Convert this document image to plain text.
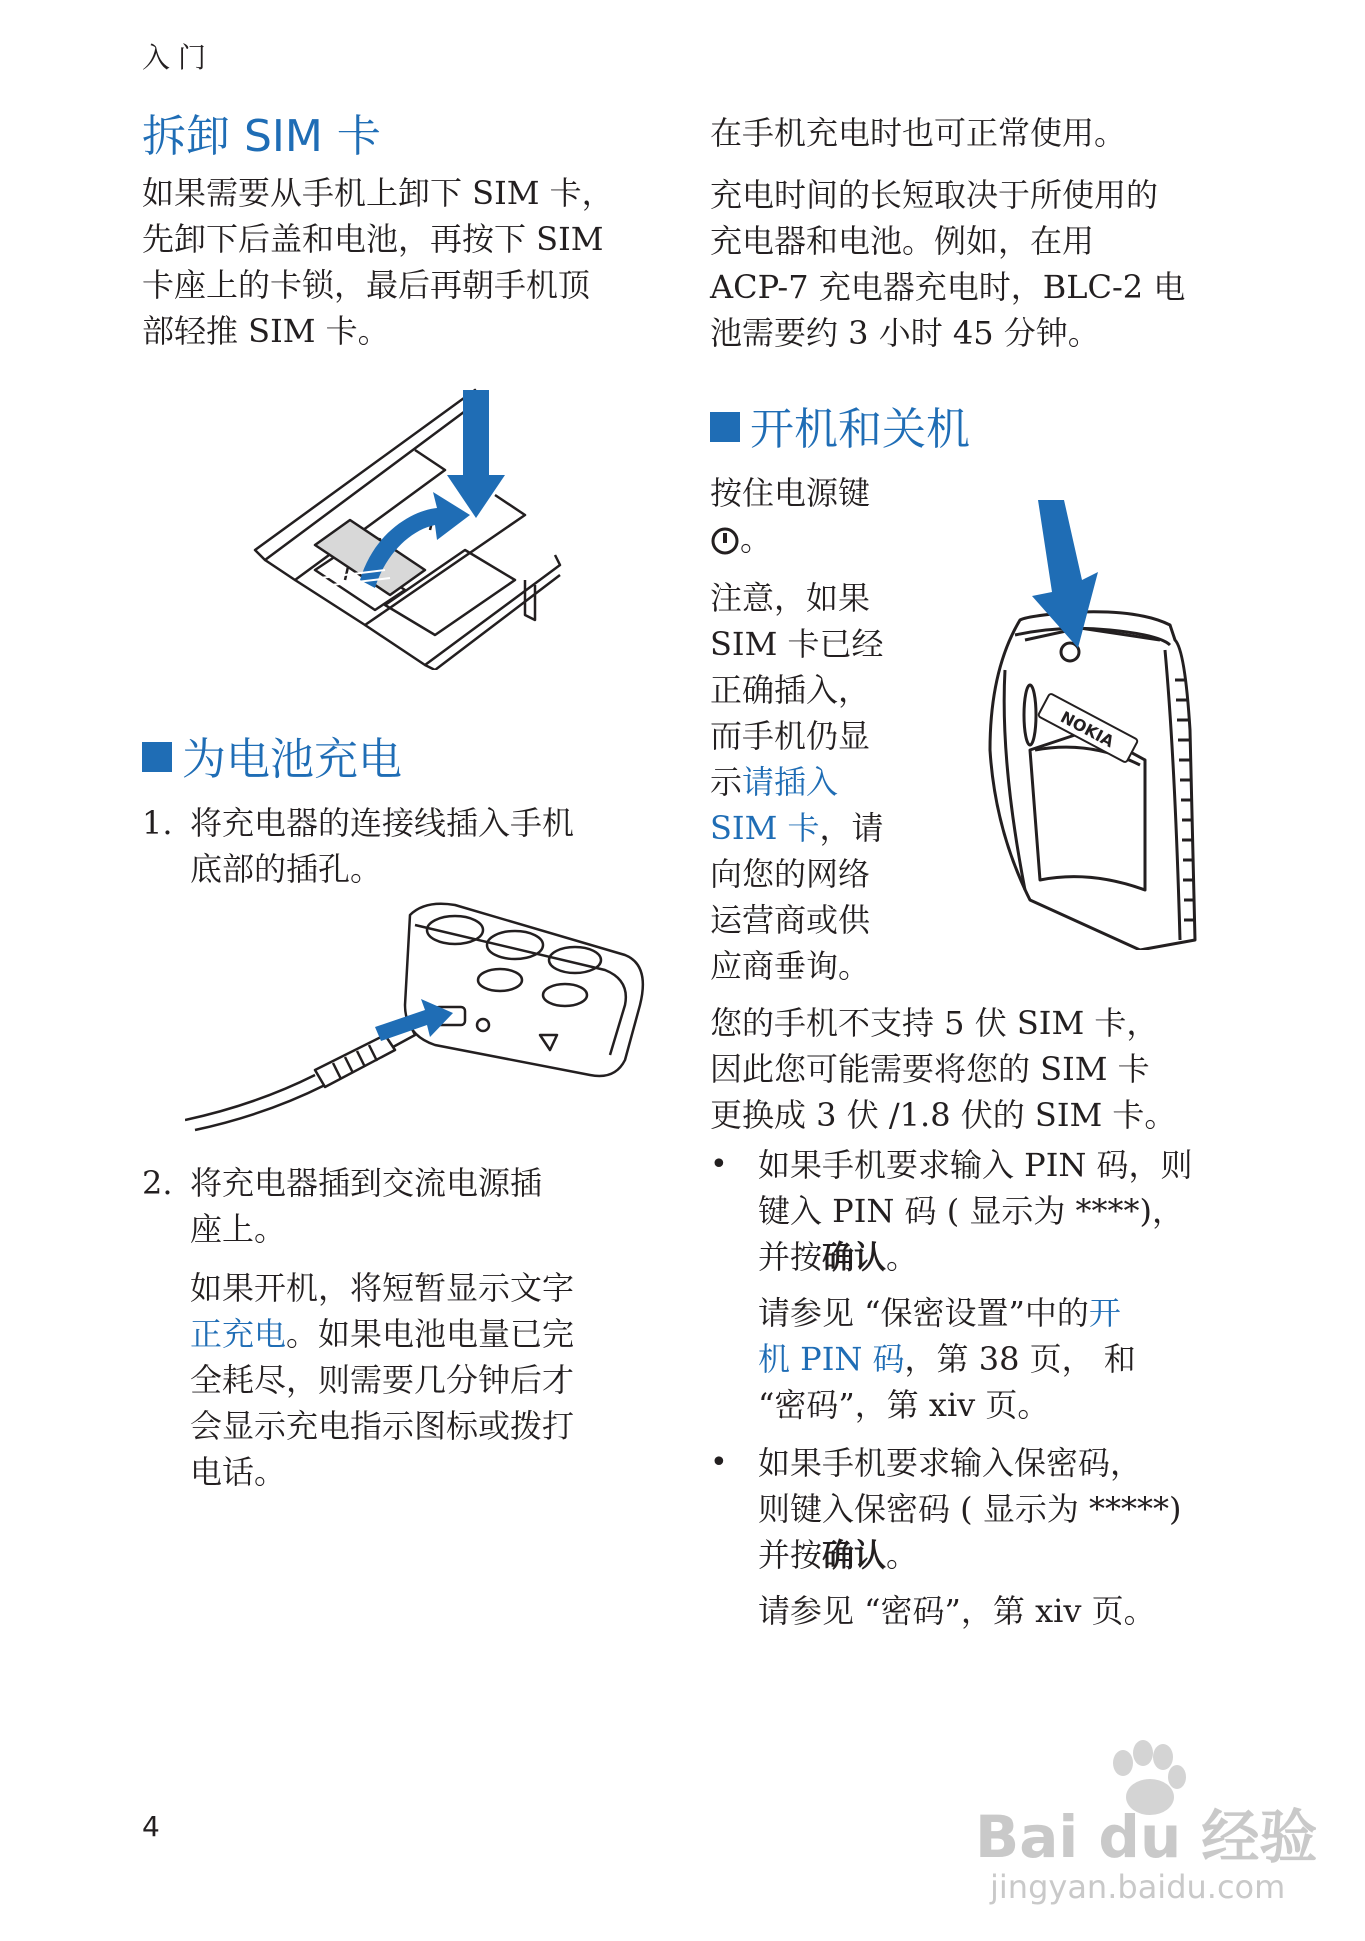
入门
拆卸 SIM 卡

如果需要从手机上卸下 SIM 卡，

先卸下后盖和电池，再按下 SIM

卡座上的卡锁，最后再朝手机顶

部轻推 SIM 卡。

为电池充电
1. 将充电器的连接线插入手机

底部的插孔。

2. 将充电器插到交流电源插

座上。

如果开机，将短暂显示文字

正充电。如果电池电量已完

全耗尽，则需要几分钟后才

会显示充电指示图标或拨打

电话。

在手机充电时也可正常使用。

充电时间的长短取决于所使用的

充电器和电池。例如，在用

ACP-7 充电器充电时，BLC-2 电

池需要约 3 小时 45 分钟。

开机和关机

按住电源键

。

注意，如果

SIM 卡已经

正确插入，

而手机仍显

示请插入

SIM 卡，请

向您的网络

运营商或供

应商垂询。

NOKIA

您的手机不支持 5 伏 SIM 卡，

因此您可能需要将您的 SIM 卡

更换成 3 伏 /1.8 伏的 SIM 卡。

• 如果手机要求输入 PIN 码，则

键入 PIN 码 ( 显示为 ****)，

并按确认。

请参见 “保密设置”中的开

机 PIN 码，第 38 页， 和

“密码”，第 xiv 页。

• 如果手机要求输入保密码，

则键入保密码 ( 显示为 *****)

并按确认。

请参见 “密码”，第 xiv 页。

4	Bai du 经验
jingyan.baidu.com
